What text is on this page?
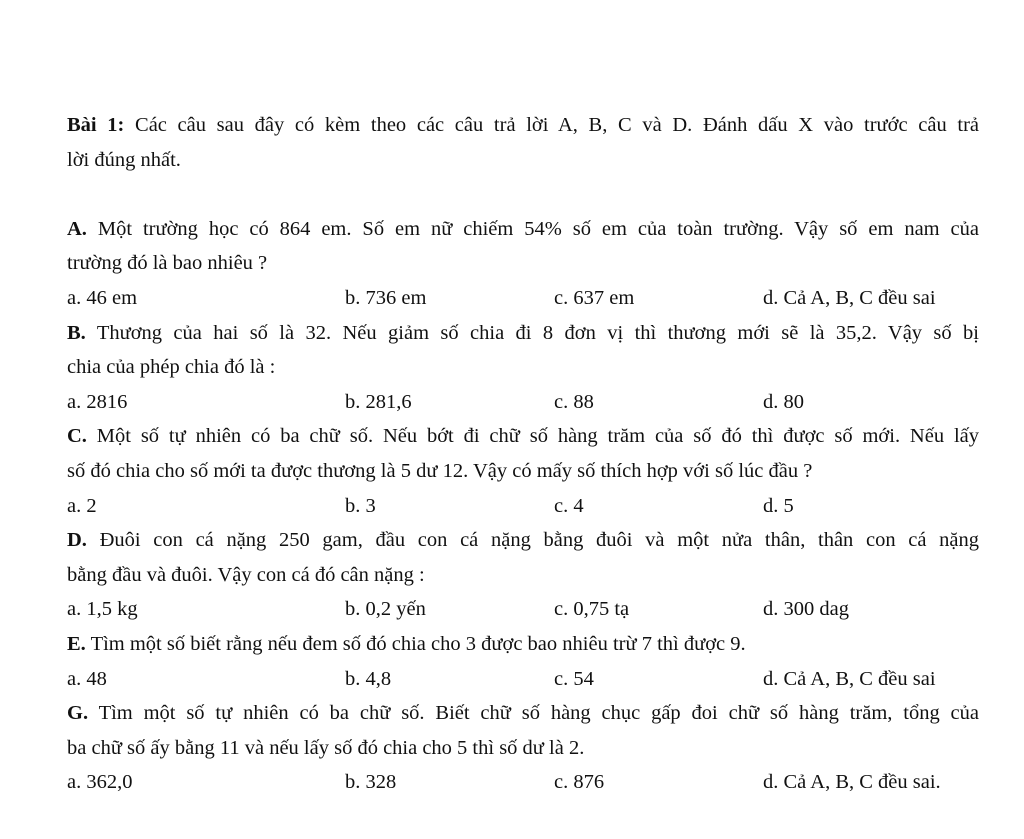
Bài 1: Các câu sau đây có kèm theo các câu trả lời A, B, C và D. Đánh dấu X vào trước câu trả
lời đúng nhất.
A. Một trường học có 864 em. Số em nữ chiếm 54% số em của toàn trường. Vậy số em nam của
trường đó là bao nhiêu ?
a. 46 em	b. 736 em	c. 637 em	d. Cả A, B, C đều sai
B. Thương của hai số là 32. Nếu giảm số chia đi 8 đơn vị thì thương mới sẽ là 35,2. Vậy số bị
chia của phép chia đó là :
a. 2816	b. 281,6	c. 88	d. 80
C. Một số tự nhiên có ba chữ số. Nếu bớt đi chữ số hàng trăm của số đó thì được số mới. Nếu lấy
số đó chia cho số mới ta được thương là 5 dư 12. Vậy có mấy số thích hợp với số lúc đầu ?
a. 2	b. 3	c. 4	d. 5
D. Đuôi con cá nặng 250 gam, đầu con cá nặng bằng đuôi và một nửa thân, thân con cá nặng
bằng đầu và đuôi. Vậy con cá đó cân nặng :
a. 1,5 kg	b. 0,2 yến	c. 0,75 tạ	d. 300 dag
E. Tìm một số biết rằng nếu đem số đó chia cho 3 được bao nhiêu trừ 7 thì được 9.
a. 48	b. 4,8	c. 54	d. Cả A, B, C đều sai
G. Tìm một số tự nhiên có ba chữ số. Biết chữ số hàng chục gấp đoi chữ số hàng trăm, tổng của
ba chữ số ấy bằng 11 và nếu lấy số đó chia cho 5 thì số dư là 2.
a. 362,0	b. 328	c. 876	d. Cả A, B, C đều sai.
